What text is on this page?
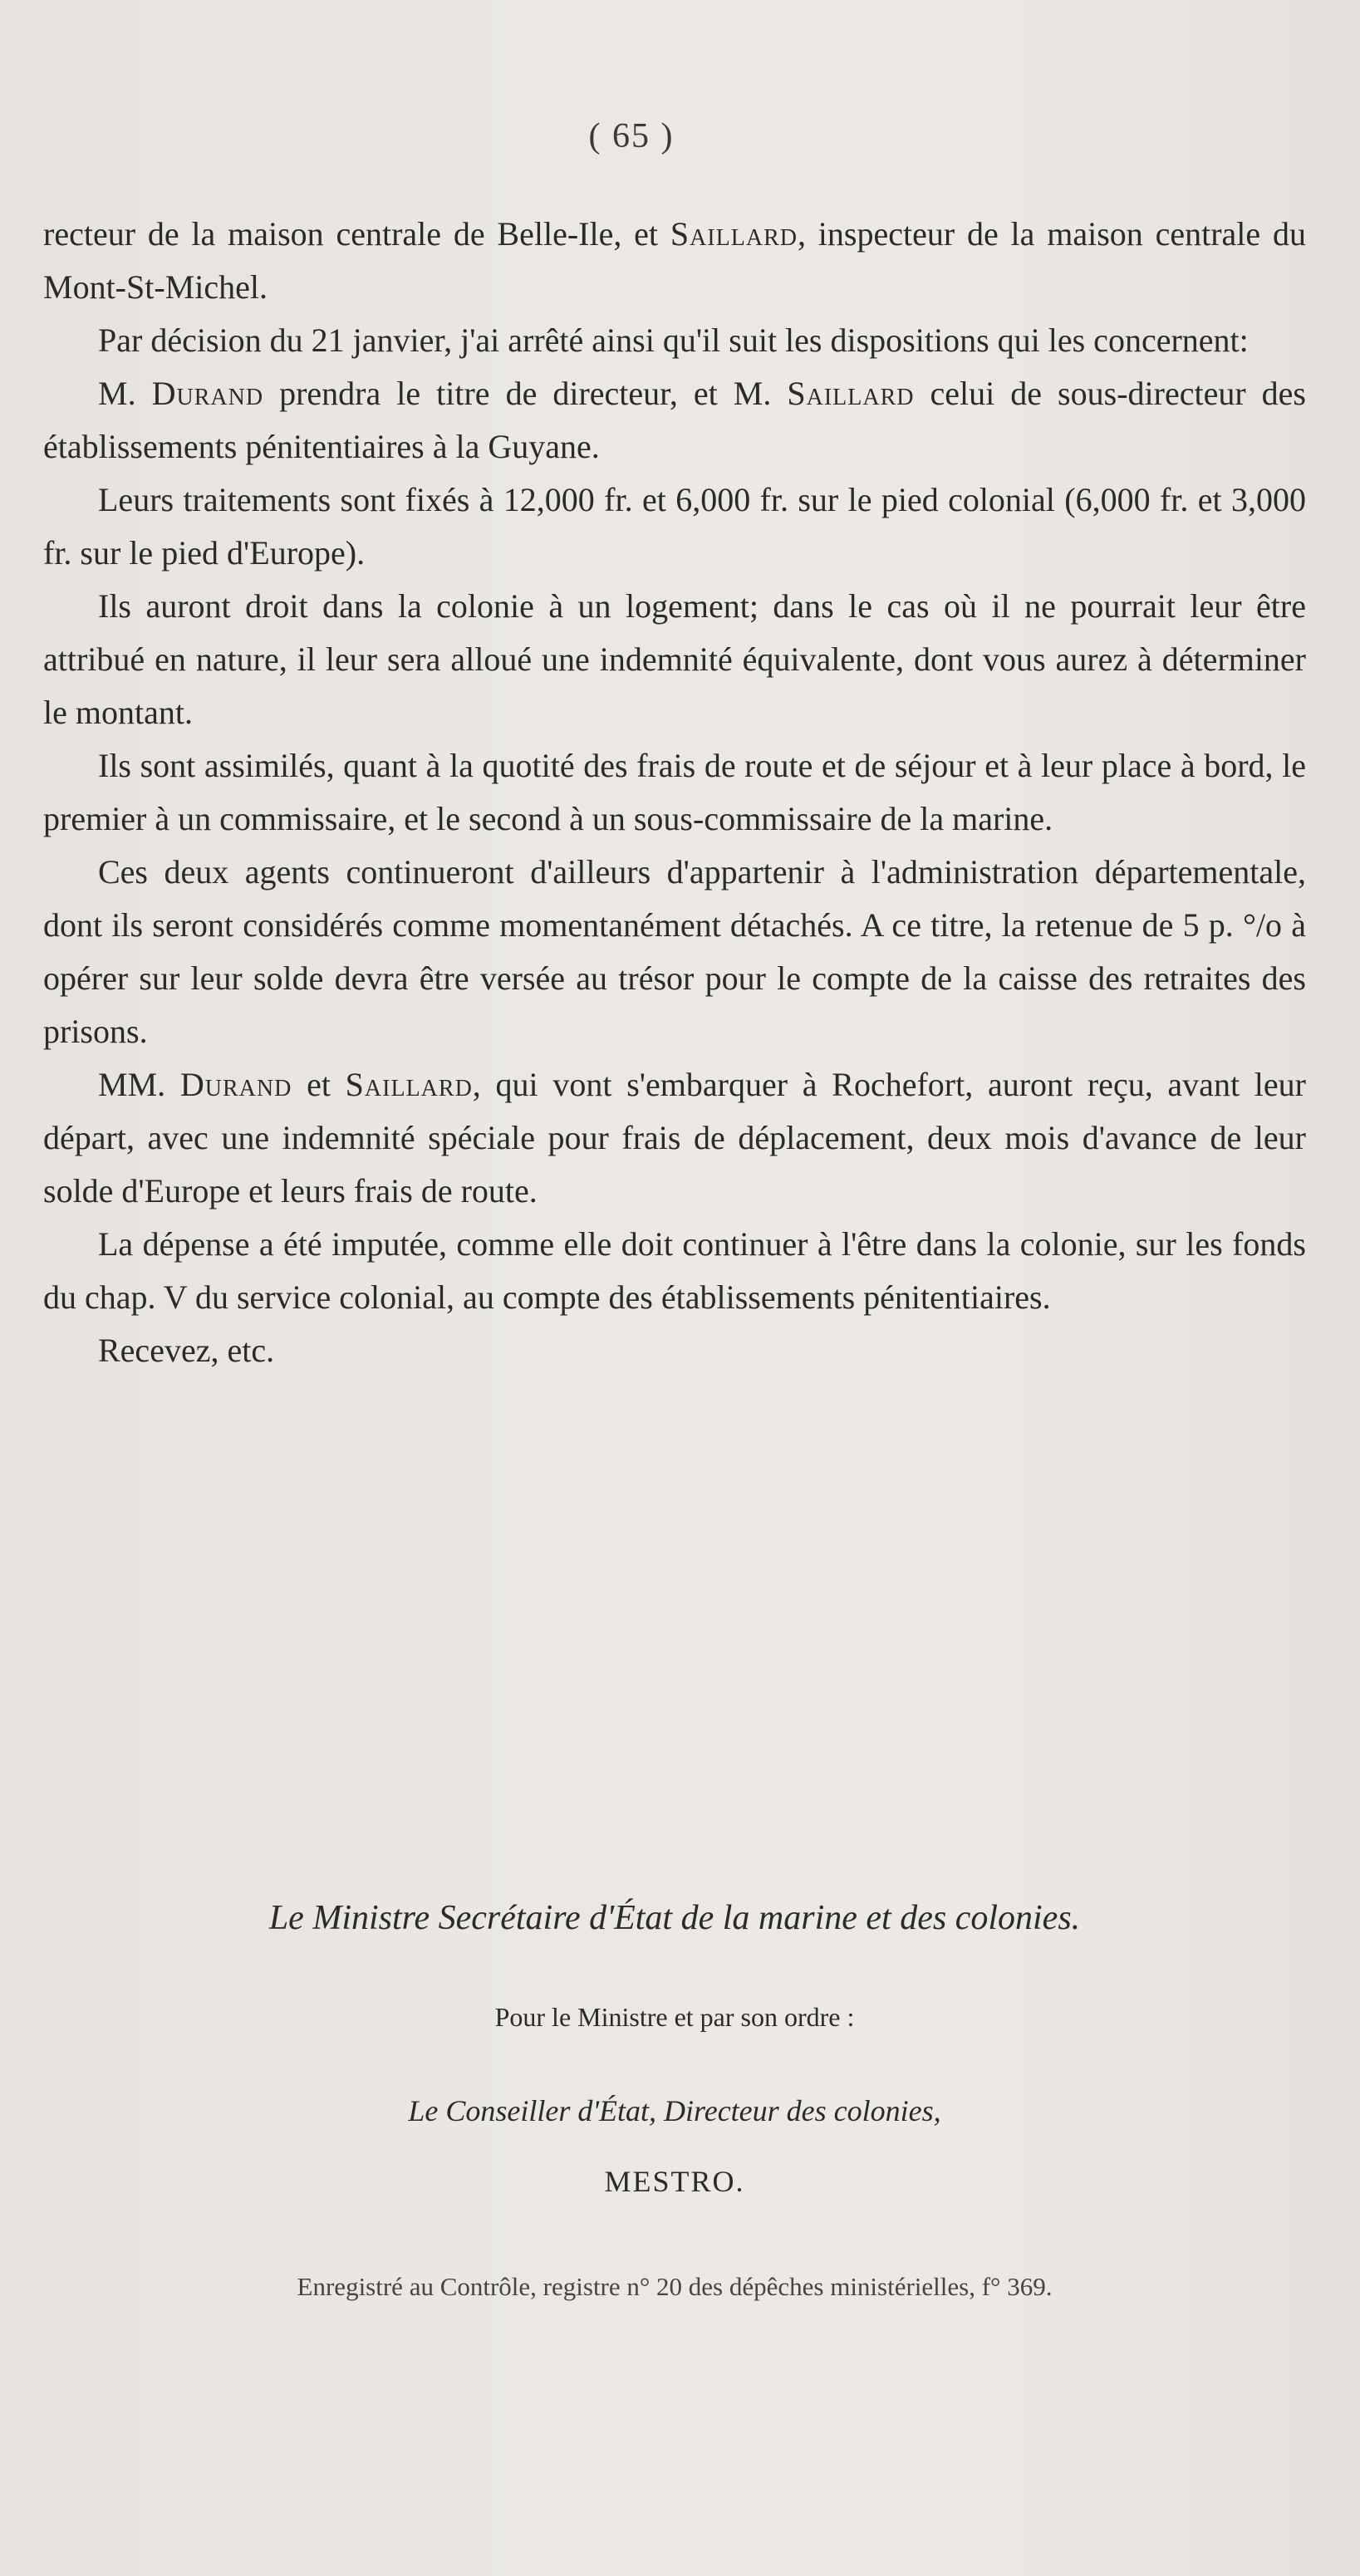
( 65 )

recteur de la maison centrale de Belle-Ile, et Saillard, inspecteur de la maison centrale du Mont-St-Michel.

Par décision du 21 janvier, j'ai arrêté ainsi qu'il suit les dispositions qui les concernent:

M. Durand prendra le titre de directeur, et M. Saillard celui de sous-directeur des établissements pénitentiaires à la Guyane.

Leurs traitements sont fixés à 12,000 fr. et 6,000 fr. sur le pied colonial (6,000 fr. et 3,000 fr. sur le pied d'Europe).

Ils auront droit dans la colonie à un logement; dans le cas où il ne pourrait leur être attribué en nature, il leur sera alloué une indemnité équivalente, dont vous aurez à déterminer le montant.

Ils sont assimilés, quant à la quotité des frais de route et de séjour et à leur place à bord, le premier à un commissaire, et le second à un sous-commissaire de la marine.

Ces deux agents continueront d'ailleurs d'appartenir à l'administration départementale, dont ils seront considérés comme momentanément détachés. A ce titre, la retenue de 5 p. °/o à opérer sur leur solde devra être versée au trésor pour le compte de la caisse des retraites des prisons.

MM. Durand et Saillard, qui vont s'embarquer à Rochefort, auront reçu, avant leur départ, avec une indemnité spéciale pour frais de déplacement, deux mois d'avance de leur solde d'Europe et leurs frais de route.

La dépense a été imputée, comme elle doit continuer à l'être dans la colonie, sur les fonds du chap. V du service colonial, au compte des établissements pénitentiaires.

Recevez, etc.

Le Ministre Secrétaire d'État de la marine et des colonies.
Pour le Ministre et par son ordre :
Le Conseiller d'État, Directeur des colonies,
MESTRO.
Enregistré au Contrôle, registre n° 20 des dépêches ministérielles, f° 369.
